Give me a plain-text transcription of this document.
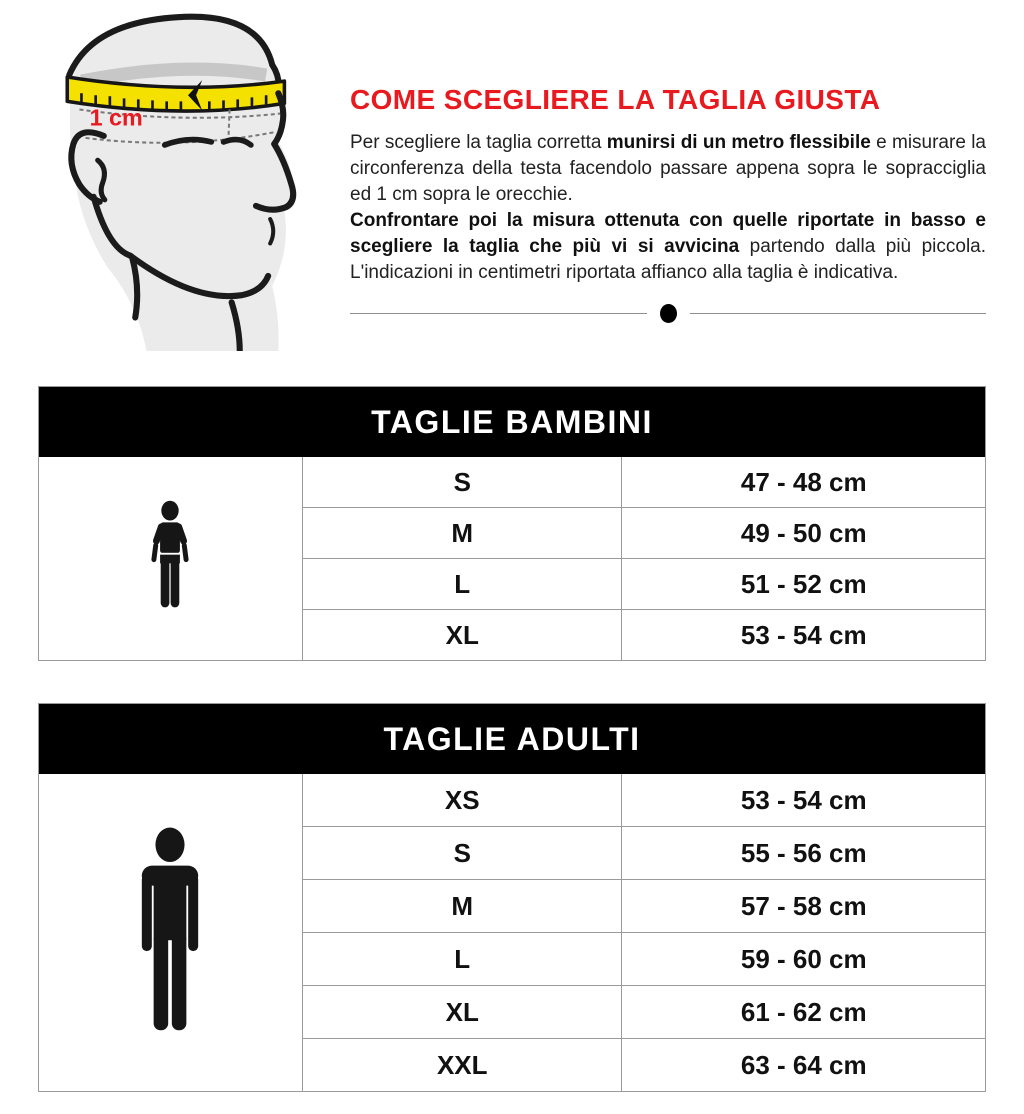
1 cm
COME SCEGLIERE LA TAGLIA GIUSTA

Per scegliere la taglia corretta munirsi di un metro flessibile e misurare la circonferenza della testa facendolo passare appena sopra le sopracciglia ed 1 cm sopra le orecchie.

Confrontare poi la misura ottenuta con quelle riportate in basso e scegliere la taglia che più vi si avvicina partendo dalla più piccola. L'indicazioni in centimetri riportata affianco alla taglia è indicativa.

TAGLIE BAMBINI
S	47 - 48 cm
M	49 - 50 cm
L	51 - 52 cm
XL	53 - 54 cm
TAGLIE ADULTI
XS	53 - 54 cm
S	55 - 56 cm
M	57 - 58 cm
L	59 - 60 cm
XL	61 - 62 cm
XXL	63 - 64 cm
